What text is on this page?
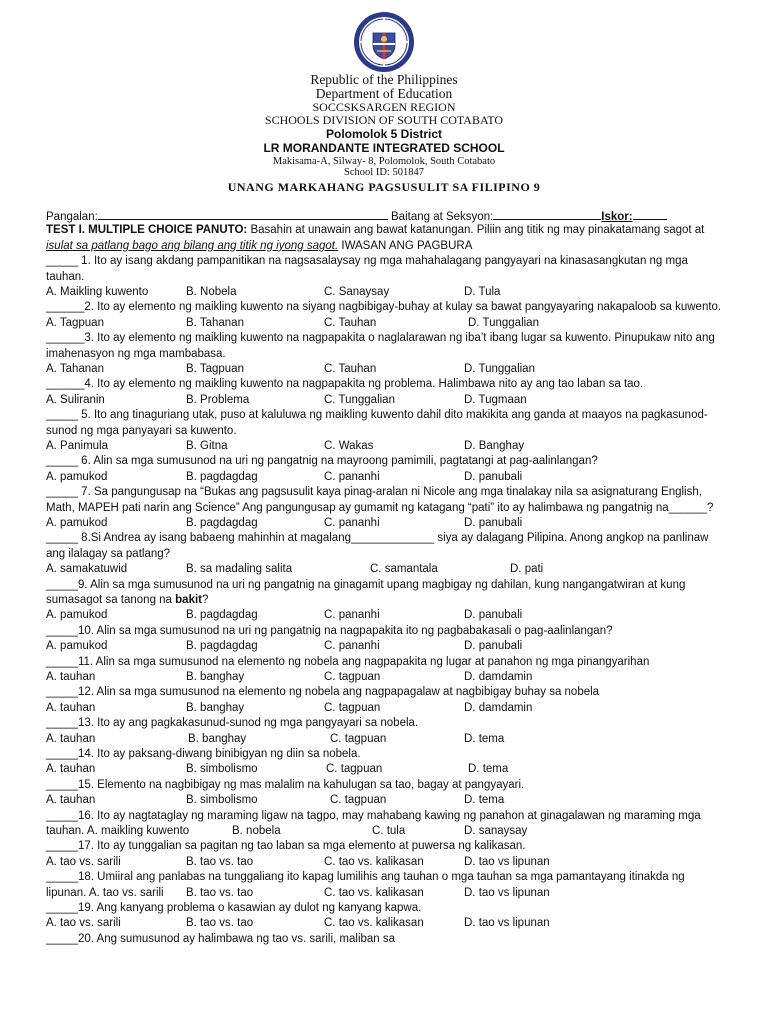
Republic of the Philippines
Department of Education
SOCCSKSARGEN REGION
SCHOOLS DIVISION OF SOUTH COTABATO
Polomolok 5 District
LR MORANDANTE INTEGRATED SCHOOL
Makisama-A, Silway- 8, Polomolok, South Cotabato
School ID: 501847
UNANG MARKAHANG PAGSUSULIT SA FILIPINO 9
Pangalan:	Baitang at Seksyon:	Iskor:
TEST I. MULTIPLE CHOICE PANUTO: Basahin at unawain ang bawat katanungan. Piliin ang titik ng may pinakatamang sagot at
isulat sa patlang bago ang bilang ang titik ng iyong sagot. IWASAN ANG PAGBURA
_____ 1. Ito ay isang akdang pampanitikan na nagsasalaysay ng mga mahahalagang pangyayari na kinasasangkutan ng mga tauhan.
A. Maikling kuwento	B. Nobela	C. Sanaysay	D. Tula
______2. Ito ay elemento ng maikling kuwento na siyang nagbibigay-buhay at kulay sa bawat pangyayaring nakapaloob sa kuwento.
A. Tagpuan	B. Tahanan	C. Tauhan	D. Tunggalian
______3. Ito ay elemento ng maikling kuwento na nagpapakita o naglalarawan ng iba’t ibang lugar sa kuwento. Pinupukaw nito ang imahenasyon ng mga mambabasa.
A. Tahanan	B. Tagpuan	C. Tauhan	D. Tunggalian
______4. Ito ay elemento ng maikling kuwento na nagpapakita ng problema. Halimbawa nito ay ang tao laban sa tao.
A. Suliranin	B. Problema	C. Tunggalian	D. Tugmaan
_____ 5. Ito ang tinaguriang utak, puso at kaluluwa ng maikling kuwento dahil dito makikita ang ganda at maayos na pagkasunod-sunod ng mga panyayari sa kuwento.
A. Panimula	B. Gitna	C. Wakas	D. Banghay
_____ 6. Alin sa mga sumusunod na uri ng pangatnig na mayroong pamimili, pagtatangi at pag-aalinlangan?
A. pamukod	B. pagdagdag	C. pananhi	D. panubali
_____ 7. Sa pangungusap na “Bukas ang pagsusulit kaya pinag-aralan ni Nicole ang mga tinalakay nila sa asignaturang English, Math, MAPEH pati narin ang Science” Ang pangungusap ay gumamit ng katagang “pati” ito ay halimbawa ng pangatnig na______?
A. pamukod	B. pagdagdag	C. pananhi	D. panubali
_____ 8.Si Andrea ay isang babaeng mahinhin at magalang_____________ siya ay dalagang Pilipina. Anong angkop na panlinaw ang ilalagay sa patlang?
A. samakatuwid	B. sa madaling salita	C. samantala	D. pati
_____9. Alin sa mga sumusunod na uri ng pangatnig na ginagamit upang magbigay ng dahilan, kung nangangatwiran at kung sumasagot sa tanong na bakit?
A. pamukod	B. pagdagdag	C. pananhi	D. panubali
_____10. Alin sa mga sumusunod na uri ng pangatnig na nagpapakita ito ng pagbabakasali o pag-aalinlangan?
A. pamukod	B. pagdagdag	C. pananhi	D. panubali
_____11. Alin sa mga sumusunod na elemento ng nobela ang nagpapakita ng lugar at panahon ng mga pinangyarihan
A. tauhan	B. banghay	C. tagpuan	D. damdamin
_____12. Alin sa mga sumusunod na elemento ng nobela ang nagpapagalaw at nagbibigay buhay sa nobela
A. tauhan	B. banghay	C. tagpuan	D. damdamin
_____13. Ito ay ang pagkakasunud-sunod ng mga pangyayari sa nobela.
A. tauhan	B. banghay	C. tagpuan	D. tema
_____14. Ito ay paksang-diwang binibigyan ng diin sa nobela.
A. tauhan	B. simbolismo	C. tagpuan	D. tema
_____15. Elemento na nagbibigay ng mas malalim na kahulugan sa tao, bagay at pangyayari.
A. tauhan	B. simbolismo	C. tagpuan	D. tema
_____16. Ito ay nagtataglay ng maraming ligaw na tagpo, may mahabang kawing ng panahon at ginagalawan ng maraming mga
tauhan. A. maikling kuwento	B. nobela	C. tula	D. sanaysay
_____17. Ito ay tunggalian sa pagitan ng tao laban sa mga elemento at puwersa ng kalikasan.
A. tao vs. sarili	B. tao vs. tao	C. tao vs. kalikasan	D. tao vs lipunan
_____18. Umiiral ang panlabas na tunggaliang ito kapag lumilihis ang tauhan o mga tauhan sa mga pamantayang itinakda ng
lipunan. A. tao vs. sarili B. tao vs. tao	C. tao vs. kalikasan	D. tao vs lipunan
_____19. Ang kanyang problema o kasawian ay dulot ng kanyang kapwa.
A. tao vs. sarili	B. tao vs. tao	C. tao vs. kalikasan	D. tao vs lipunan
_____20. Ang sumusunod ay halimbawa ng tao vs. sarili, maliban sa
